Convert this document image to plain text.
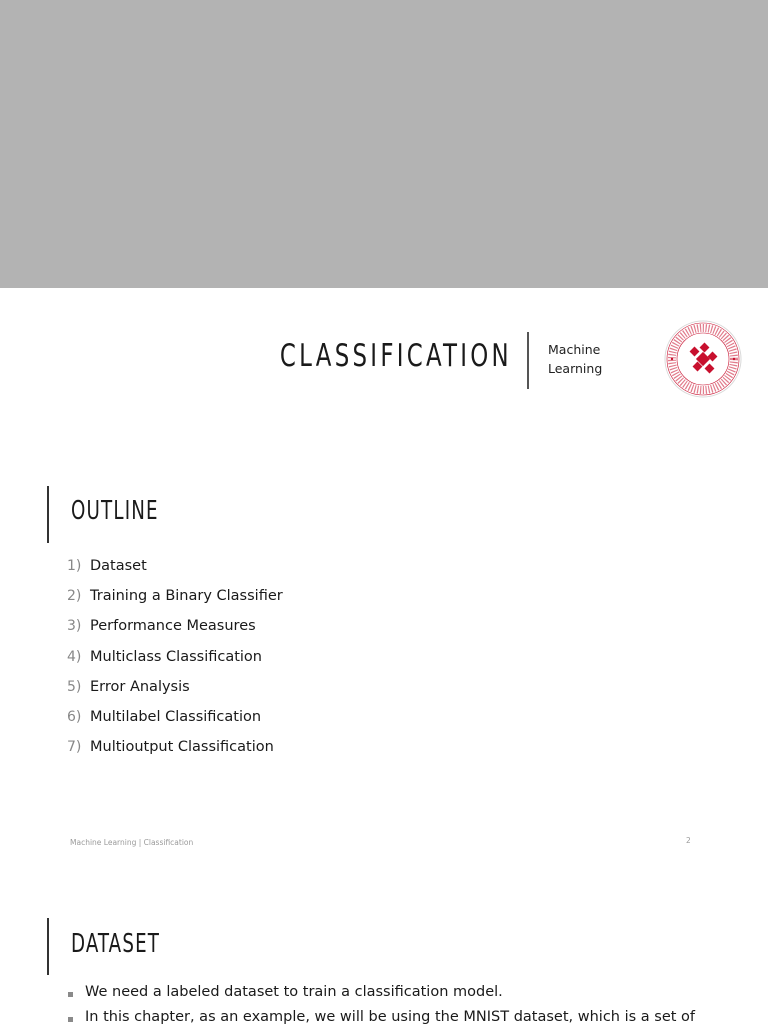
CLASSIFICATION	Machine
Learning
OUTLINE
1) Dataset
2) Training a Binary Classifier
3) Performance Measures
4) Multiclass Classification
5) Error Analysis
6) Multilabel Classification
7) Multioutput Classification
Machine Learning | Classification	2
DATASET
We need a labeled dataset to train a classification model.
In this chapter, as an example, we will be using the MNIST dataset, which is a set of
